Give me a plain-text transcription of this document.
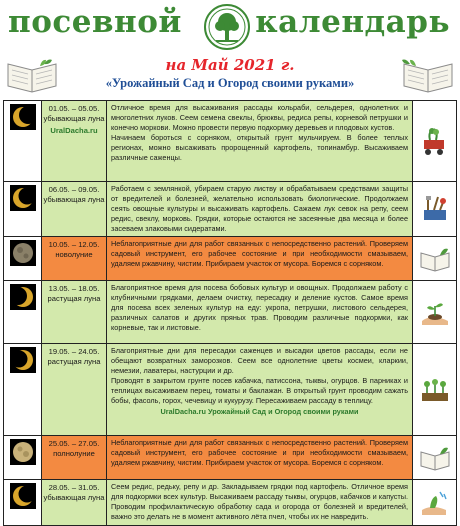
посевной календарь
на Май 2021 г.
«Урожайный Сад и Огород своими руками»
01.05. – 05.05.
убывающая луна
UralDacha.ru
Отличное время для высаживания рассады кольраби, сельдерея, однолетних и многолетних луков. Сеем семена свеклы, брюквы, редиса репы, корневой петрушки и конечно моркови. Можно провести первую подкормку деревьев и плодовых кустов.
Начинаем бороться с сорняком, открытый грунт мульчируем. В более теплых регионах, можно высаживать пророщенный картофель, топинамбур. Высаживаем различные саженцы.
06.05. – 09.05.
убывающая луна
Работаем с землянкой, убираем старую листву и обрабатываем средствами защиты от вредителей и болезней, желательно использовать биологические. Продолжаем сеять овощные культуры и высаживать картофель. Сажаем лук севок на репу, сеем редис, свеклу, морковь. Грядки, которые остаются не засеянные два месяца и более засеваем злаковыми сидератами.
10.05. – 12.05.
новолуние
Неблагоприятные дни для работ связанных с непосредственно растений. Проверяем садовый инструмент, его рабочее состояние и при необходимости смазываем, удаляем ржавчину, чистим. Прибираем участок от мусора. Боремся с сорняком.
13.05. – 18.05.
растущая луна
Благоприятное время для посева бобовых культур и овощных. Продолжаем работу с клубничными грядками, делаем очистку, пересадку и деление кустов. Самое время для посева всех зеленых культур на еду: укропа, петрушки, листового сельдерея, различных салатов и других пряных трав. Проводим различные подкормки, как корневые, так и листовые.
19.05. – 24.05.
растущая луна
Благоприятные дни для пересадки саженцев и высадки цветов рассады, если не обещают возвратных заморозков. Сеем все однолетние цветы космеи, кларкии, немезии, лаватеры, настурции и др.
Проводят в закрытом грунте посев кабачка, патиссона, тыквы, огурцов. В парниках и теплицах высаживаем перец, томаты и баклажан. В открытый грунт проводим сажать бобы, фасоль, горох, чечевицу и кукурузу. Пересаживаем рассаду в теплицу.
UralDacha.ru Урожайный Сад и Огород своими руками
25.05. – 27.05.
полнолуние
Неблагоприятные дни для работ связанных с непосредственно растений. Проверяем садовый инструмент, его рабочее состояние и при необходимости смазываем, удаляем ржавчину, чистим. Прибираем участок от мусора. Боремся с сорняком.
28.05. – 31.05.
убывающая луна
Сеем редис, редьку, репу и др. Закладываем грядки под картофель. Отличное время для подкормки всех культур. Высаживаем рассаду тыквы, огурцов, кабачков и капусты. Проводим профилактическую обработку сада и огорода от болезней и вредителей, важно это делать не в момент активного лёта пчел, чтобы их не навредить.
